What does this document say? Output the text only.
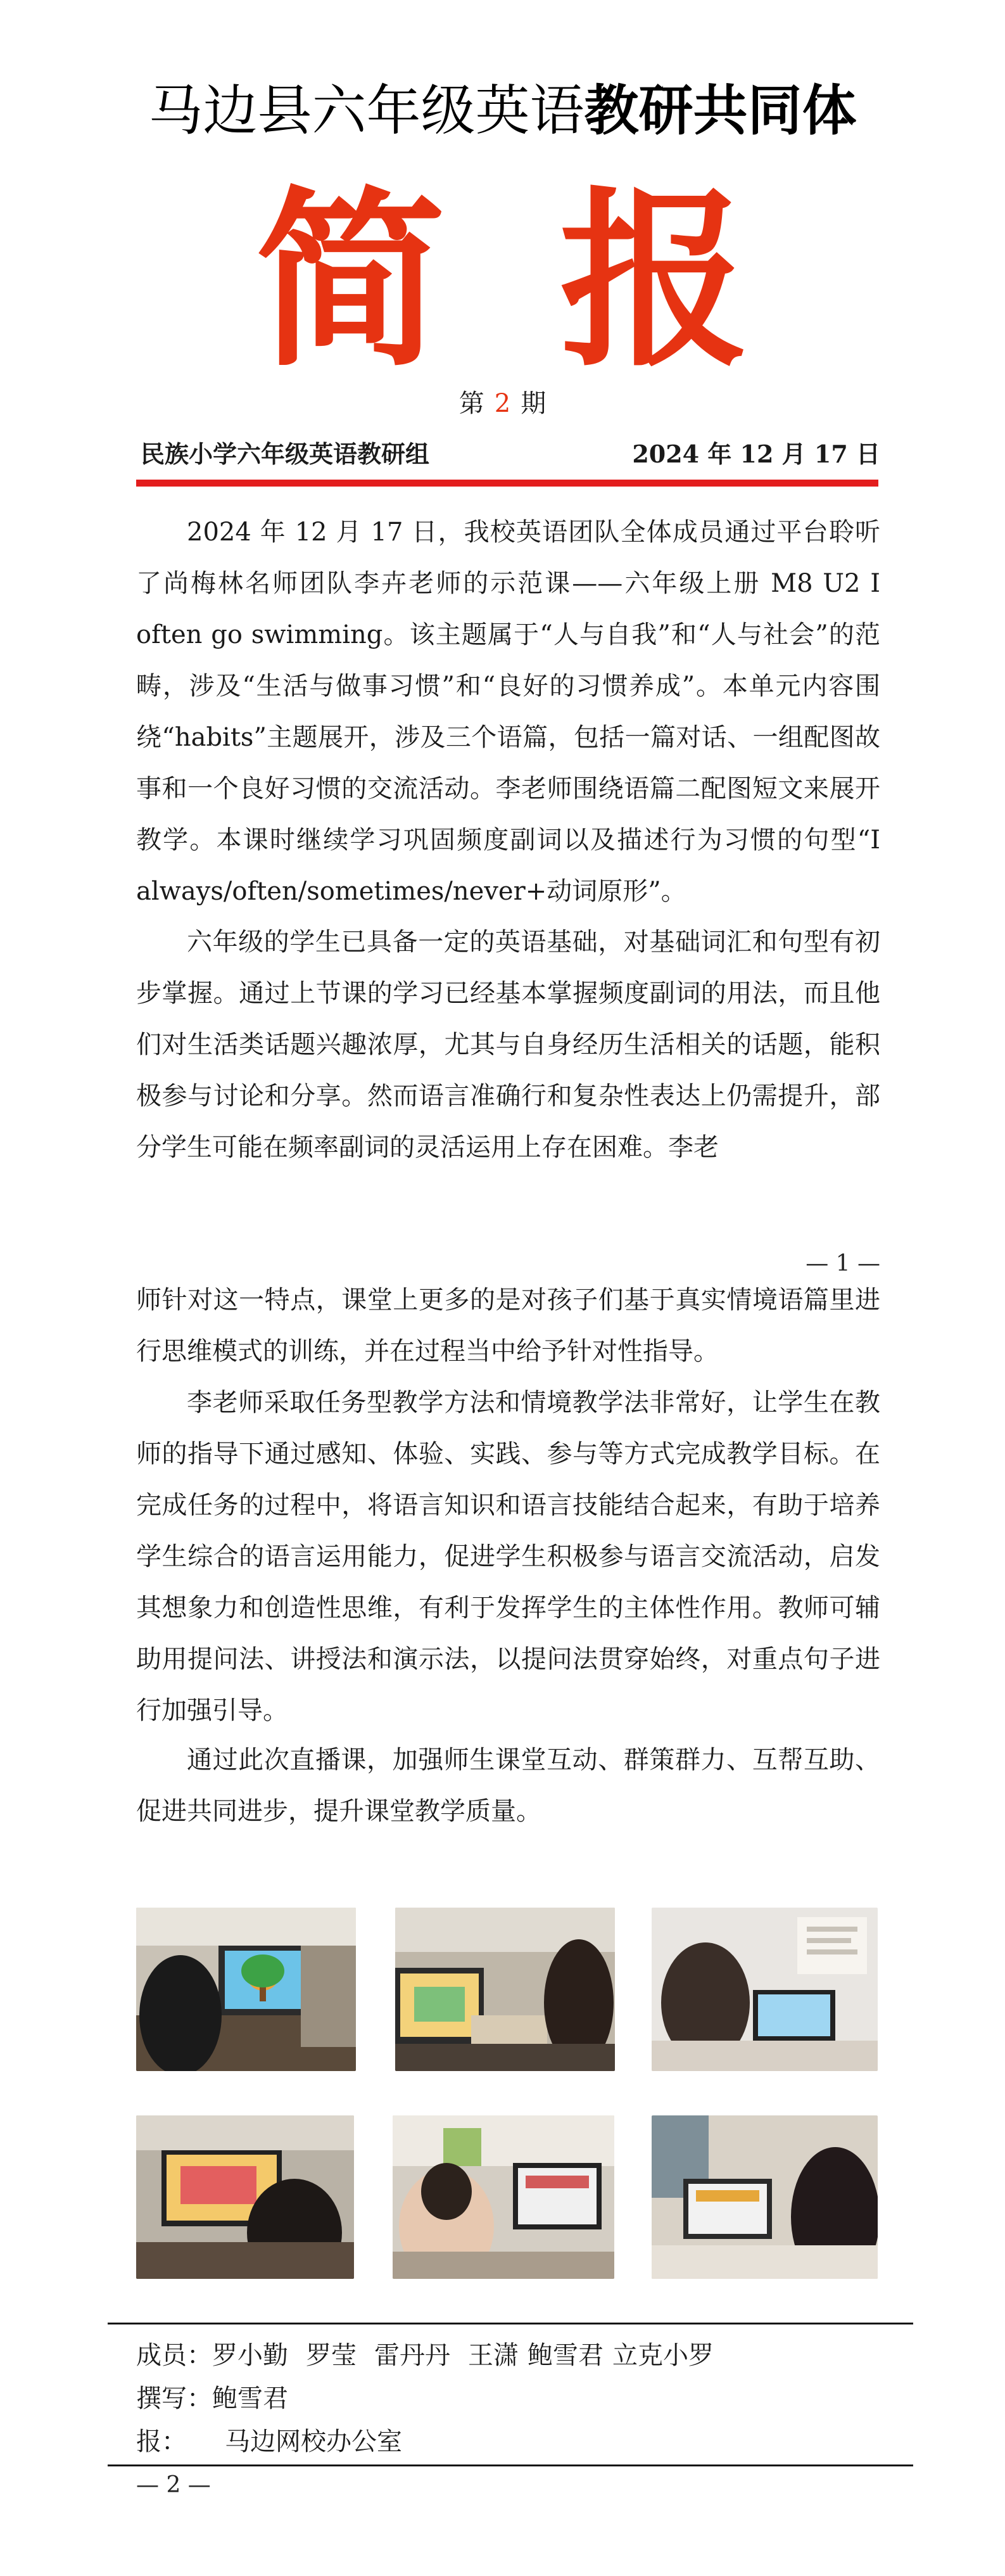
马边县六年级英语教研共同体
简报
第 2 期
民族小学六年级英语教研组	2024 年 12 月 17 日

2024 年 12 月 17 日，我校英语团队全体成员通过平台聆听了尚梅林名师团队李卉老师的示范课——六年级上册 M8 U2 I often go swimming。该主题属于“人与自我”和“人与社会”的范畴，涉及“生活与做事习惯”和“良好的习惯养成”。本单元内容围绕“habits”主题展开，涉及三个语篇，包括一篇对话、一组配图故事和一个良好习惯的交流活动。李老师围绕语篇二配图短文来展开教学。本课时继续学习巩固频度副词以及描述行为习惯的句型“I always/often/sometimes/never+动词原形”。

六年级的学生已具备一定的英语基础，对基础词汇和句型有初步掌握。通过上节课的学习已经基本掌握频度副词的用法，而且他们对生活类话题兴趣浓厚，尤其与自身经历生活相关的话题，能积极参与讨论和分享。然而语言准确行和复杂性表达上仍需提升，部分学生可能在频率副词的灵活运用上存在困难。李老

— 1 —

师针对这一特点，课堂上更多的是对孩子们基于真实情境语篇里进行思维模式的训练，并在过程当中给予针对性指导。

李老师采取任务型教学方法和情境教学法非常好，让学生在教师的指导下通过感知、体验、实践、参与等方式完成教学目标。在完成任务的过程中，将语言知识和语言技能结合起来，有助于培养学生综合的语言运用能力，促进学生积极参与语言交流活动，启发其想象力和创造性思维，有利于发挥学生的主体性作用。教师可辅助用提问法、讲授法和演示法，以提问法贯穿始终，对重点句子进行加强引导。

通过此次直播课，加强师生课堂互动、群策群力、互帮互助、促进共同进步，提升课堂教学质量。

成员：罗小勤 罗莹 雷丹丹 王潇 鲍雪君 立克小罗
撰写：鲍雪君
报： 马边网校办公室
— 2 —
